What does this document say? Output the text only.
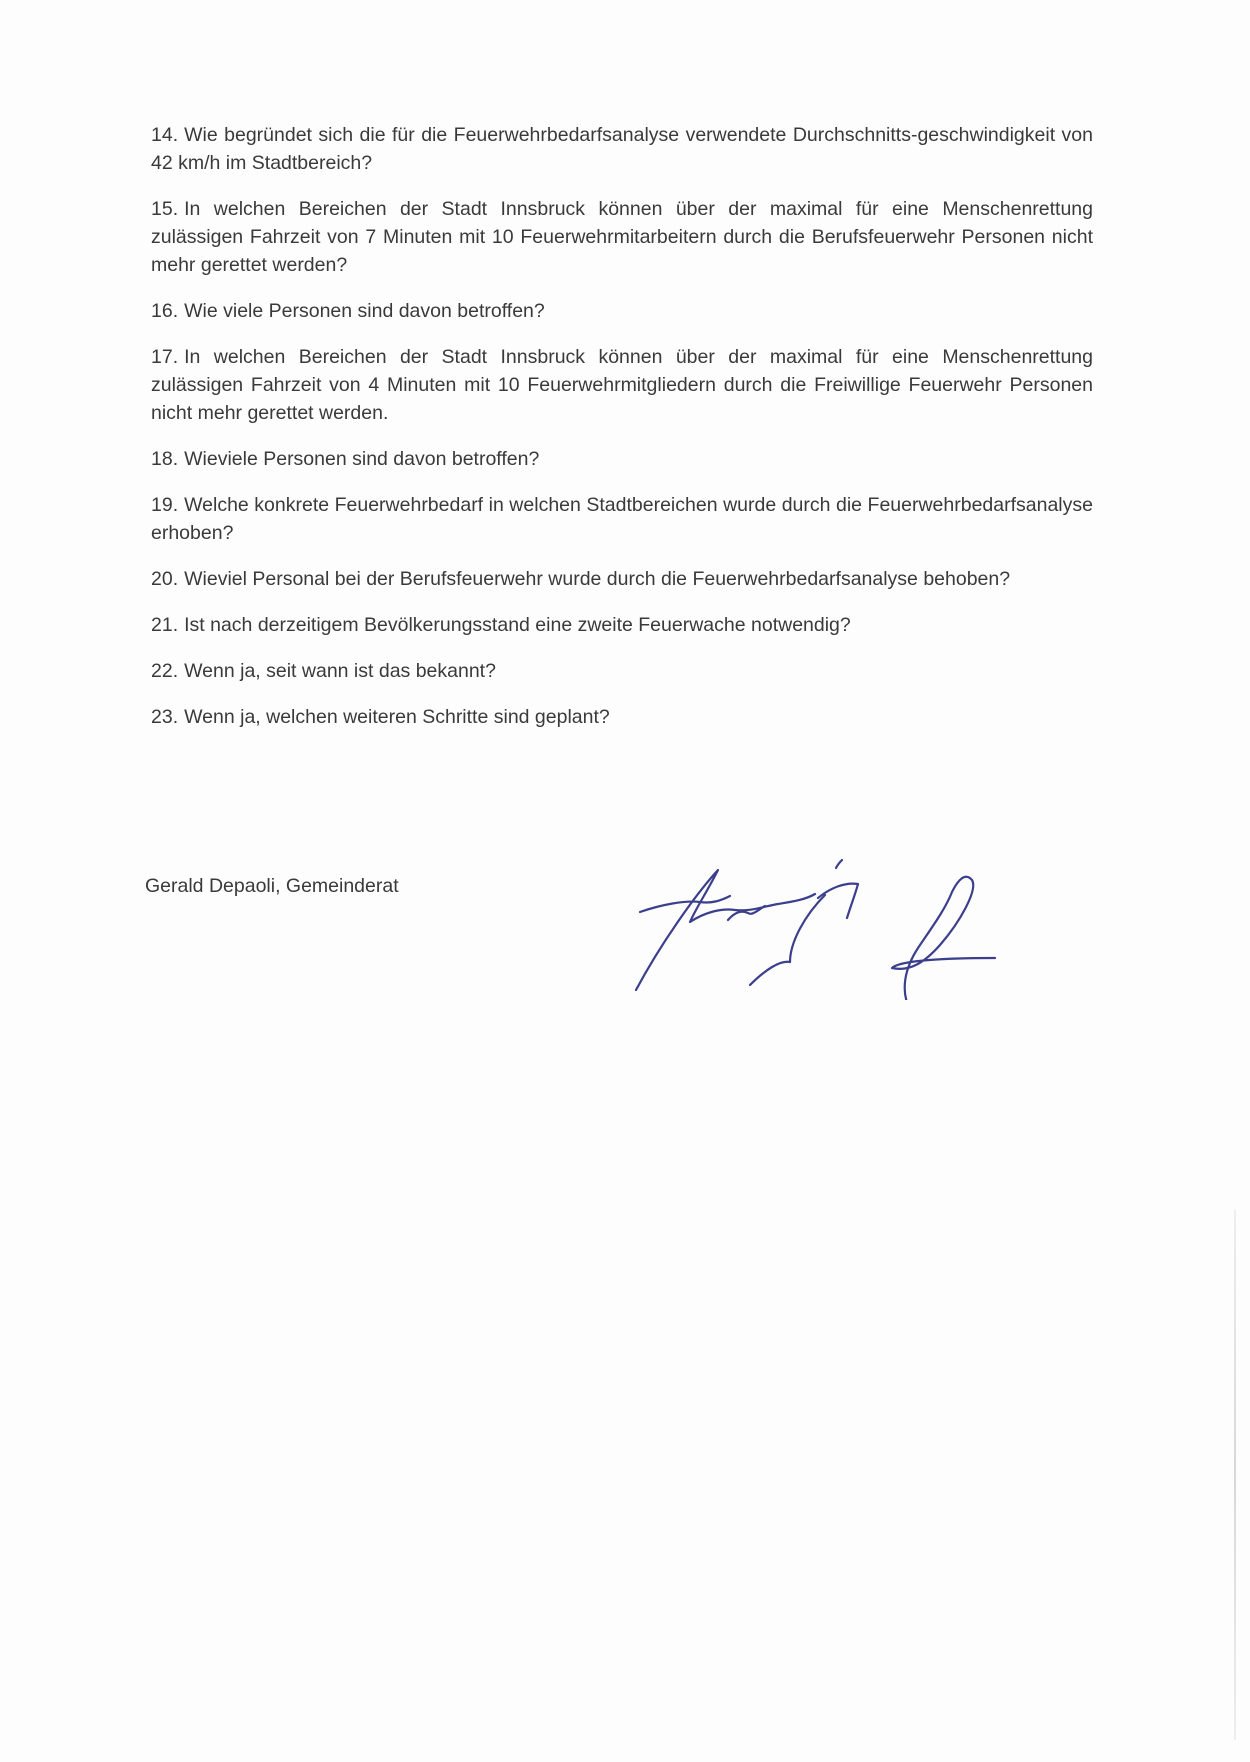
14. Wie begründet sich die für die Feuerwehrbedarfsanalyse verwendete Durchschnitts-geschwindigkeit von 42 km/h im Stadtbereich?
15. In welchen Bereichen der Stadt Innsbruck können über der maximal für eine Menschenrettung zulässigen Fahrzeit von 7 Minuten mit 10 Feuerwehrmitarbeitern durch die Berufsfeuerwehr Personen nicht mehr gerettet werden?
16. Wie viele Personen sind davon betroffen?
17. In welchen Bereichen der Stadt Innsbruck können über der maximal für eine Menschenrettung zulässigen Fahrzeit von 4 Minuten mit 10 Feuerwehrmitgliedern durch die Freiwillige Feuerwehr Personen nicht mehr gerettet werden.
18. Wieviele Personen sind davon betroffen?
19. Welche konkrete Feuerwehrbedarf in welchen Stadtbereichen wurde durch die Feuerwehrbedarfsanalyse erhoben?
20. Wieviel Personal bei der Berufsfeuerwehr wurde durch die Feuerwehrbedarfsanalyse behoben?
21. Ist nach derzeitigem Bevölkerungsstand eine zweite Feuerwache notwendig?
22. Wenn ja, seit wann ist das bekannt?
23. Wenn ja, welchen weiteren Schritte sind geplant?
Gerald Depaoli, Gemeinderat
